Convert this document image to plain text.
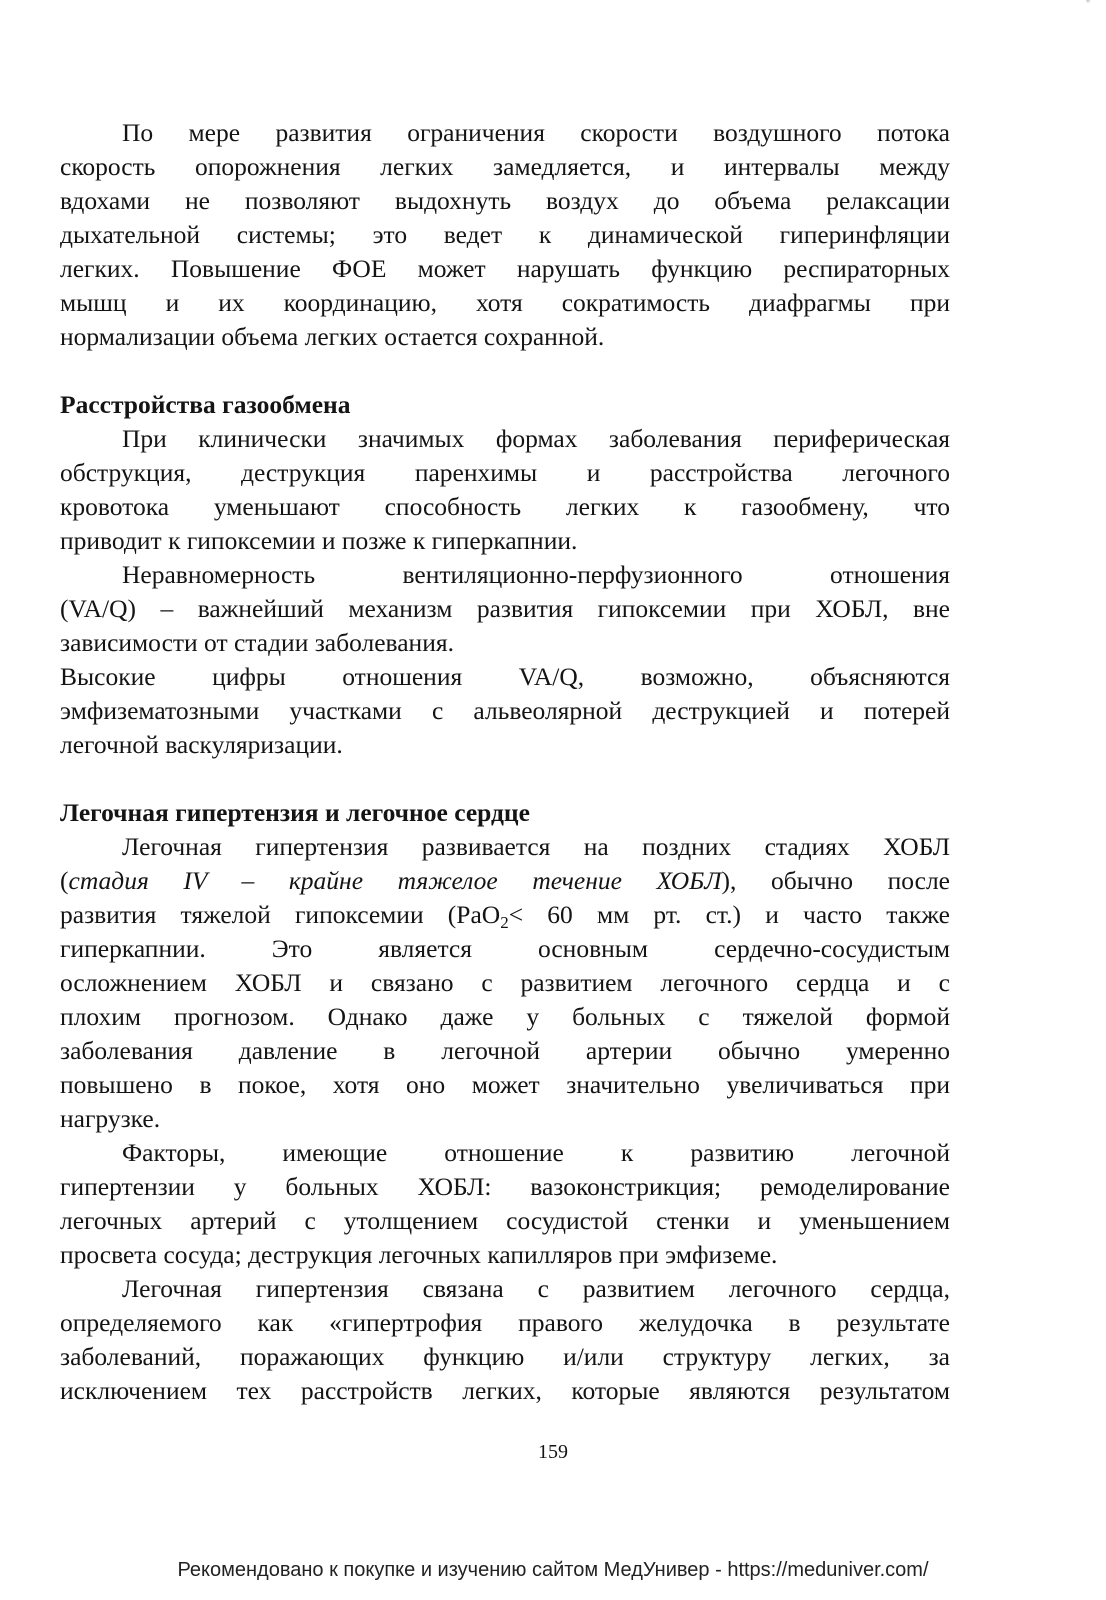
"
По мере развития ограничения скорости воздушного потока
скорость опорожнения легких замедляется, и интервалы между
вдохами не позволяют выдохнуть воздух до объема релаксации
дыхательной системы; это ведет к динамической гиперинфляции
легких. Повышение ФОЕ может нарушать функцию респираторных
мышц и их координацию, хотя сократимость диафрагмы при
нормализации объема легких остается сохранной.
Расстройства газообмена
При клинически значимых формах заболевания периферическая
обструкция, деструкция паренхимы и расстройства легочного
кровотока уменьшают способность легких к газообмену, что
приводит к гипоксемии и позже к гиперкапнии.
Неравномерность вентиляционно-перфузионного отношения
(VA/Q) – важнейший механизм развития гипоксемии при ХОБЛ, вне
зависимости от стадии заболевания.
Высокие цифры отношения VA/Q, возможно, объясняются
эмфизематозными участками с альвеолярной деструкцией и потерей
легочной васкуляризации.
Легочная гипертензия и легочное сердце
Легочная гипертензия развивается на поздних стадиях ХОБЛ
(стадия IV – крайне тяжелое течение ХОБЛ), обычно после
развития тяжелой гипоксемии (PaO$_2$< 60 мм рт. ст.) и часто также
гиперкапнии. Это является основным сердечно-сосудистым
осложнением ХОБЛ и связано с развитием легочного сердца и с
плохим прогнозом. Однако даже у больных с тяжелой формой
заболевания давление в легочной артерии обычно умеренно
повышено в покое, хотя оно может значительно увеличиваться при
нагрузке.
Факторы, имеющие отношение к развитию легочной
гипертензии у больных ХОБЛ: вазоконстрикция; ремоделирование
легочных артерий с утолщением сосудистой стенки и уменьшением
просвета сосуда; деструкция легочных капилляров при эмфиземе.
Легочная гипертензия связана с развитием легочного сердца,
определяемого как «гипертрофия правого желудочка в результате
заболеваний, поражающих функцию и/или структуру легких, за
исключением тех расстройств легких, которые являются результатом
159
Рекомендовано к покупке и изучению сайтом МедУнивер - https://meduniver.com/
